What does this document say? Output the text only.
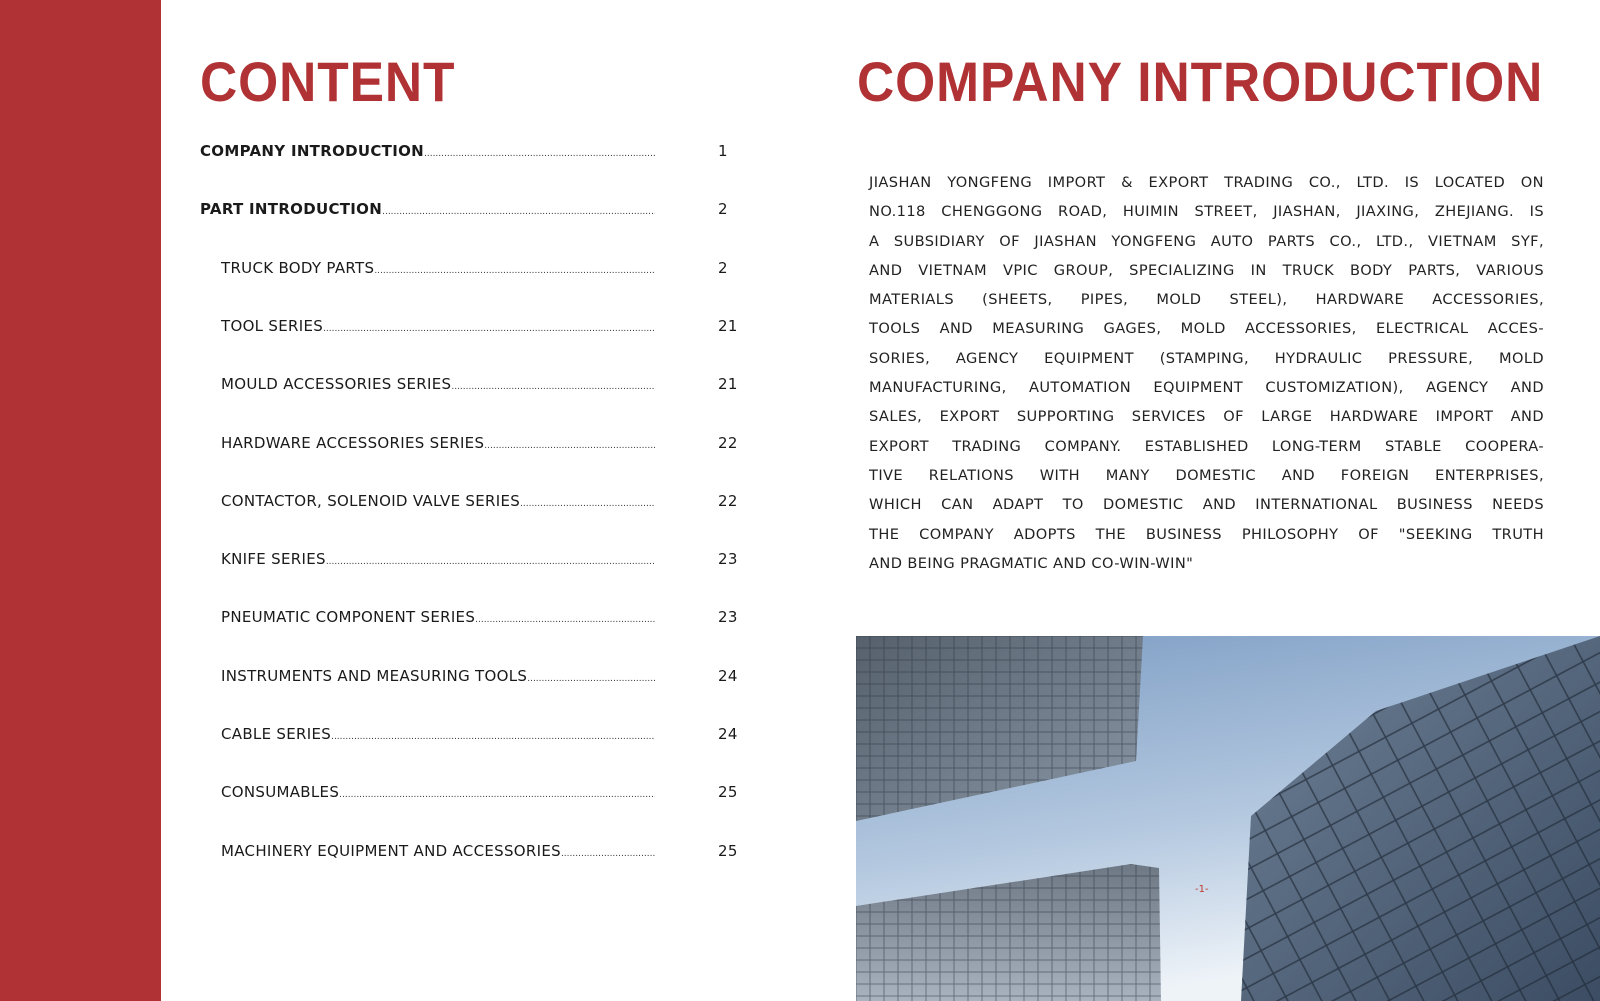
CONTENT
COMPANY INTRODUCTION .....	1
PART INTRODUCTION .....	2
TRUCK BODY PARTS .....	2
TOOL SERIES .....	21
MOULD ACCESSORIES SERIES .....	21
HARDWARE ACCESSORIES SERIES .....	22
CONTACTOR, SOLENOID VALVE SERIES .....	22
KNIFE SERIES .....	23
PNEUMATIC COMPONENT SERIES .....	23
INSTRUMENTS AND MEASURING TOOLS .....	24
CABLE SERIES .....	24
CONSUMABLES .....	25
MACHINERY EQUIPMENT AND ACCESSORIES .....	25
COMPANY INTRODUCTION
JIASHAN YONGFENG IMPORT & EXPORT TRADING CO., LTD. IS LOCATED ON
NO.118 CHENGGONG ROAD, HUIMIN STREET, JIASHAN, JIAXING, ZHEJIANG. IS
A SUBSIDIARY OF JIASHAN YONGFENG AUTO PARTS CO., LTD., VIETNAM SYF,
AND VIETNAM VPIC GROUP, SPECIALIZING IN TRUCK BODY PARTS, VARIOUS
MATERIALS (SHEETS, PIPES, MOLD STEEL), HARDWARE ACCESSORIES,
TOOLS AND MEASURING GAGES, MOLD ACCESSORIES, ELECTRICAL ACCES-
SORIES, AGENCY EQUIPMENT (STAMPING, HYDRAULIC PRESSURE, MOLD
MANUFACTURING, AUTOMATION EQUIPMENT CUSTOMIZATION), AGENCY AND
SALES, EXPORT SUPPORTING SERVICES OF LARGE HARDWARE IMPORT AND
EXPORT TRADING COMPANY. ESTABLISHED LONG-TERM STABLE COOPERA-
TIVE RELATIONS WITH MANY DOMESTIC AND FOREIGN ENTERPRISES,
WHICH CAN ADAPT TO DOMESTIC AND INTERNATIONAL BUSINESS NEEDS
THE COMPANY ADOPTS THE BUSINESS PHILOSOPHY OF "SEEKING TRUTH
AND BEING PRAGMATIC AND CO-WIN-WIN"
-1-
